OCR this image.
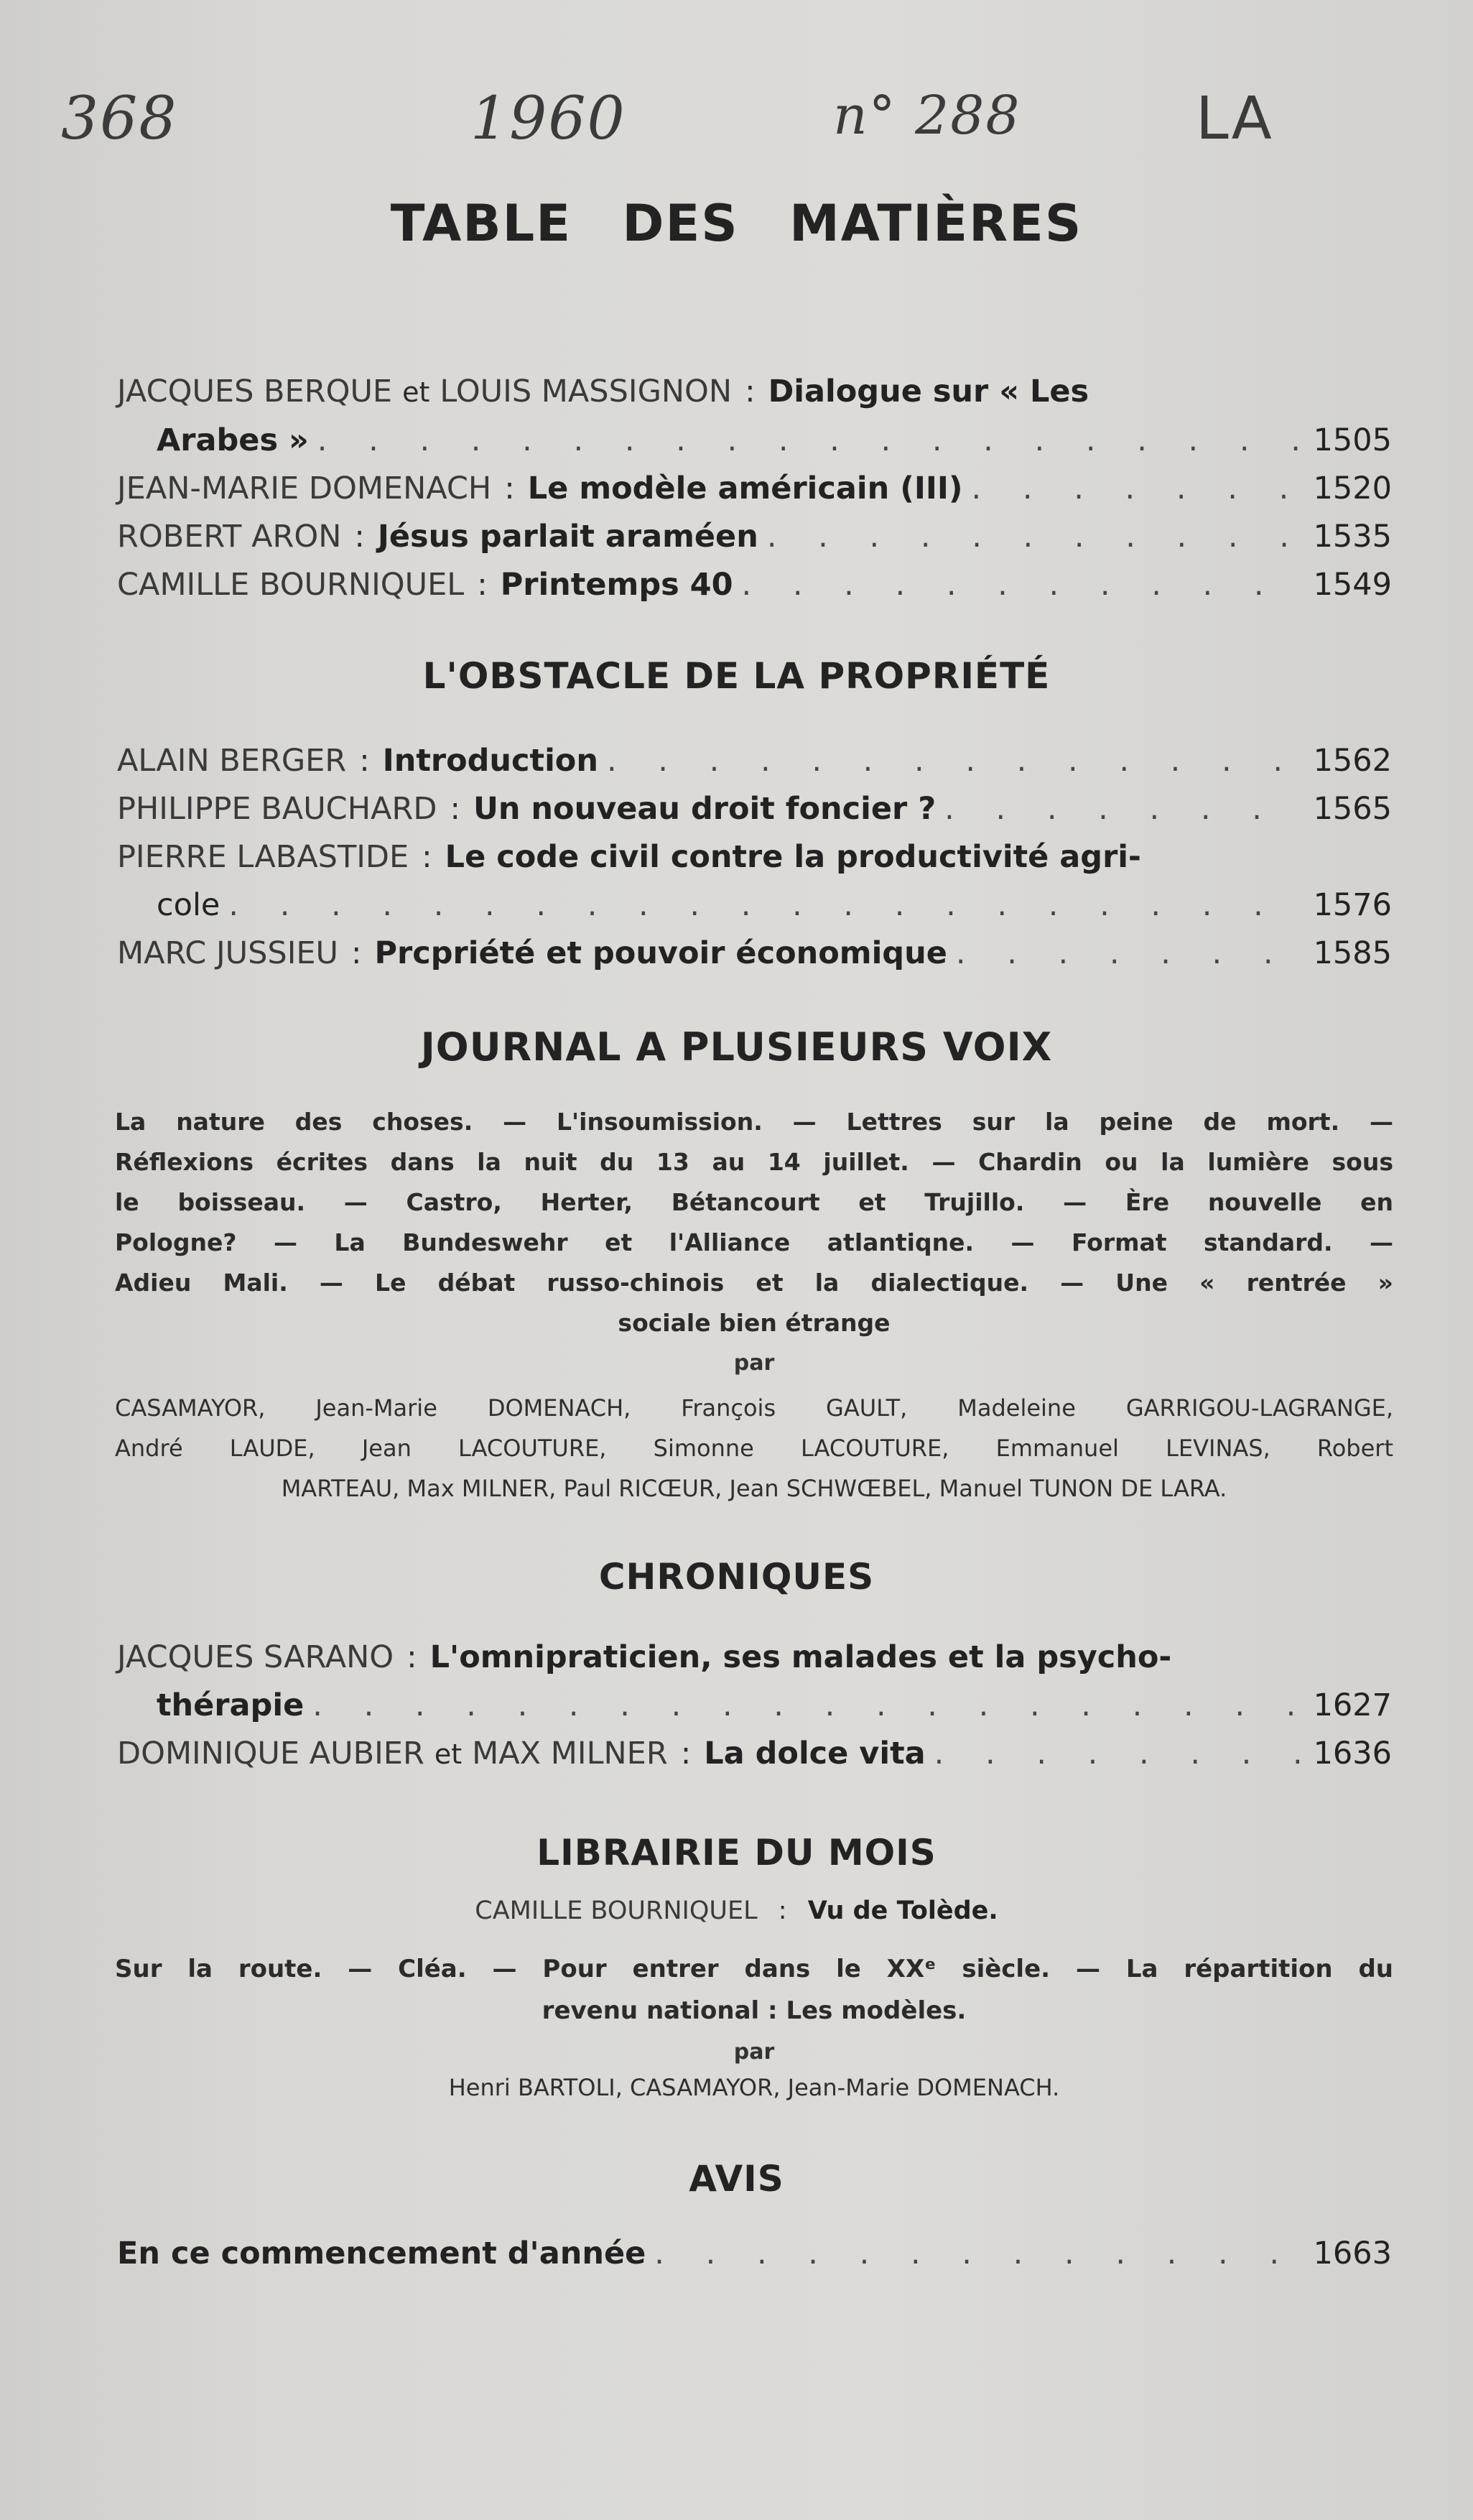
368	1960	n° 288	LA
TABLE DES MATIÈRES
JACQUES BERQUE et LOUIS MASSIGNON : Dialogue sur « Les
Arabes » . . .	1505
JEAN-MARIE DOMENACH : Le modèle américain (III) . . .	1520
ROBERT ARON : Jésus parlait araméen . . .	1535
CAMILLE BOURNIQUEL : Printemps 40 . . .	1549
L'OBSTACLE DE LA PROPRIÉTÉ
ALAIN BERGER : Introduction . . .	1562
PHILIPPE BAUCHARD : Un nouveau droit foncier ? . . .	1565
PIERRE LABASTIDE : Le code civil contre la productivité agri-
cole . . .	1576
MARC JUSSIEU : Prcpriété et pouvoir économique . . .	1585
JOURNAL A PLUSIEURS VOIX
La nature des choses. — L'insoumission. — Lettres sur la peine de mort. —
Réflexions écrites dans la nuit du 13 au 14 juillet. — Chardin ou la lumière sous
le boisseau. — Castro, Herter, Bétancourt et Trujillo. — Ère nouvelle en
Pologne? — La Bundeswehr et l'Alliance atlantiqne. — Format standard. —
Adieu Mali. — Le débat russo-chinois et la dialectique. — Une « rentrée »
sociale bien étrange
par
CASAMAYOR, Jean-Marie DOMENACH, François GAULT, Madeleine GARRIGOU-LAGRANGE,
André LAUDE, Jean LACOUTURE, Simonne LACOUTURE, Emmanuel LEVINAS, Robert
MARTEAU, Max MILNER, Paul RICŒUR, Jean SCHWŒBEL, Manuel TUNON DE LARA.
CHRONIQUES
JACQUES SARANO : L'omnipraticien, ses malades et la psycho-
thérapie . . .	1627
DOMINIQUE AUBIER et MAX MILNER : La dolce vita . . .	1636
LIBRAIRIE DU MOIS
CAMILLE BOURNIQUEL : Vu de Tolède.
Sur la route. — Cléa. — Pour entrer dans le XXᵉ siècle. — La répartition du
revenu national : Les modèles.
par
Henri BARTOLI, CASAMAYOR, Jean-Marie DOMENACH.
AVIS
En ce commencement d'année . . .	1663
